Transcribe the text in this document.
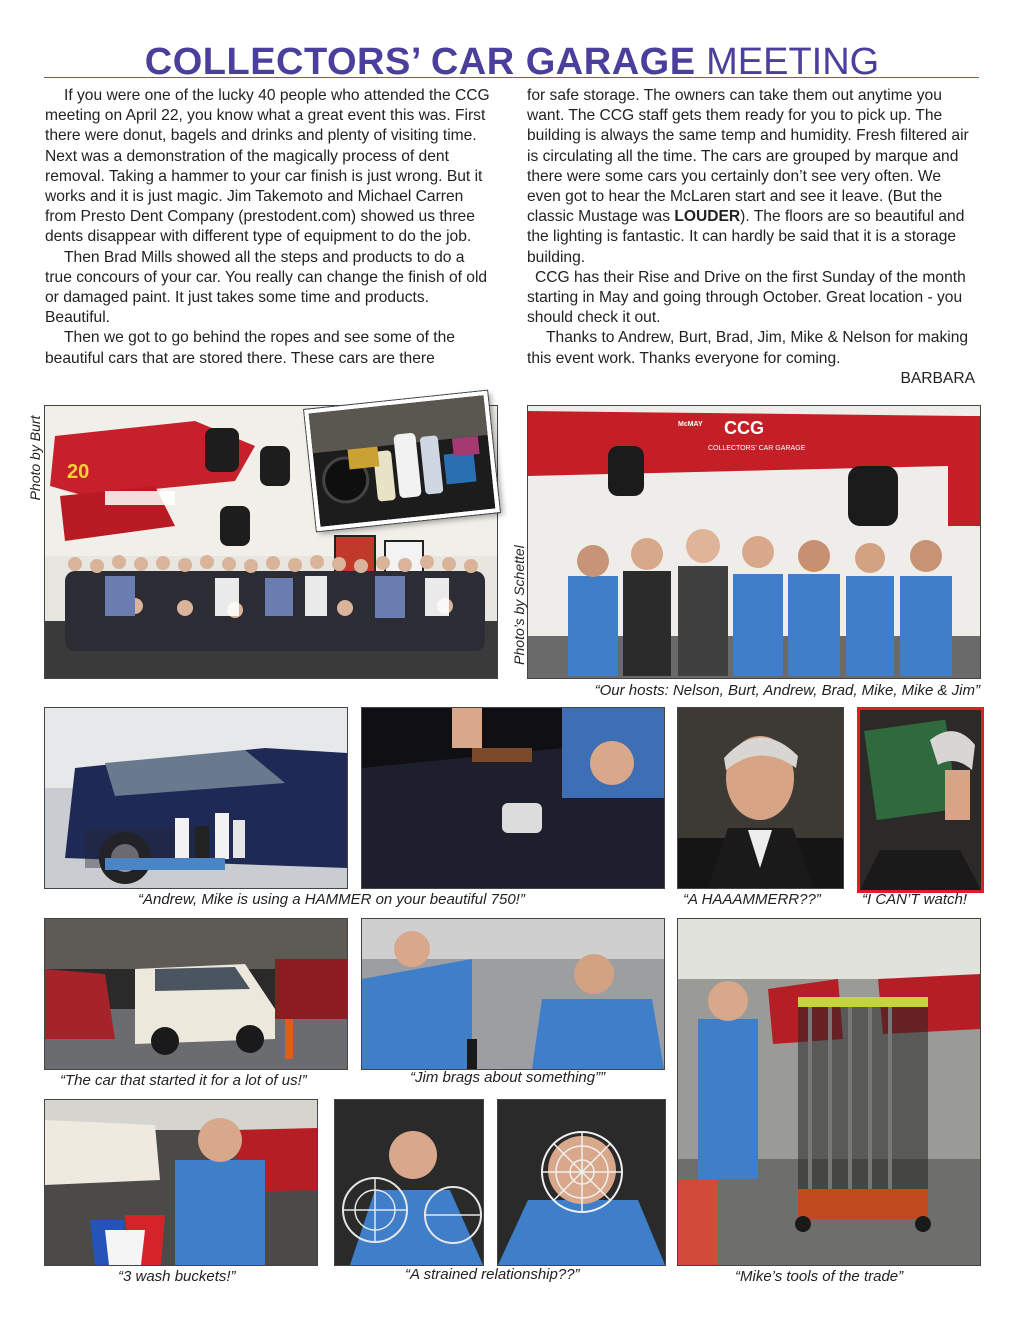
COLLECTORS’ CAR GARAGE MEETING

If you were one of the lucky 40 people who attended the CCG meeting on April 22, you know what a great event this was. First there were donut, bagels and drinks and plenty of visiting time. Next was a demonstration of the magically process of dent removal. Taking a hammer to your car finish is just wrong. But it works and it is just magic. Jim Takemoto and Michael Carren from Presto Dent Company (prestodent.com) showed us three dents disappear with different type of equipment to do the job.

Then Brad Mills showed all the steps and products to do a true concours of your car. You really can change the finish of old or damaged paint. It just takes some time and products. Beautiful.

Then we got to go behind the ropes and see some of the beautiful cars that are stored there. These cars are there

for safe storage. The owners can take them out anytime you want. The CCG staff gets them ready for you to pick up. The building is always the same temp and humidity. Fresh filtered air is circulating all the time. The cars are grouped by marque and there were some cars you certainly don’t see very often. We even got to hear the McLaren start and see it leave. (But the classic Mustage was LOUDER). The floors are so beautiful and the lighting is fantastic. It can hardly be said that it is a storage building.

CCG has their Rise and Drive on the first Sunday of the month starting in May and going through October. Great location - you should check it out.

Thanks to Andrew, Burt, Brad, Jim, Mike & Nelson for making this event work. Thanks everyone for coming.

BARBARA

Photo by Burt
Photo’s by Schettel
20
CCG
COLLECTORS’ CAR GARAGE
McMAY
“Our hosts: Nelson, Burt, Andrew, Brad, Mike, Mike & Jim”
“Andrew, Mike is using a HAMMER on your beautiful 750!”	“A HAAAMMERR??”	“I CAN’T watch!
“The car that started it for a lot of us!”	“Jim brags about something””
“3 wash buckets!”	“A strained relationship??”	“Mike’s tools of the trade”
